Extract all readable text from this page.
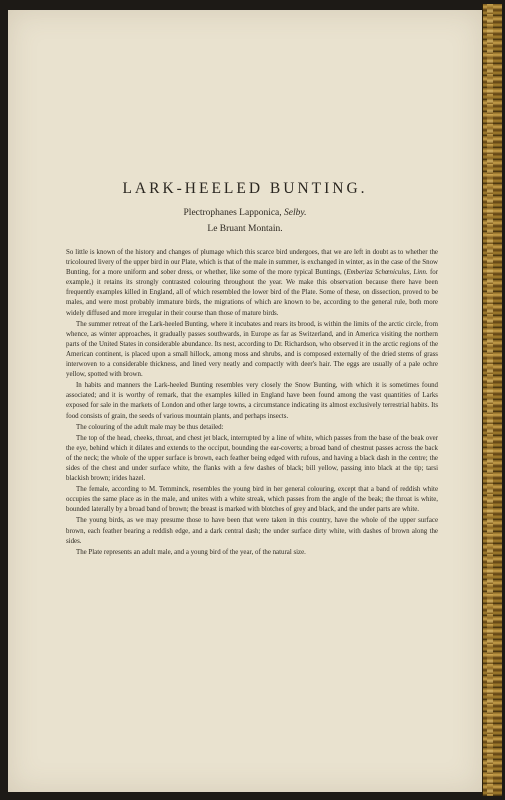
LARK-HEELED BUNTING.
Plectrophanes Lapponica, Selby.
Le Bruant Montain.

So little is known of the history and changes of plumage which this scarce bird undergoes, that we are left in doubt as to whether the tricoloured livery of the upper bird in our Plate, which is that of the male in summer, is exchanged in winter, as in the case of the Snow Bunting, for a more uniform and sober dress, or whether, like some of the more typical Buntings, (Emberiza Schœniculus, Linn. for example,) it retains its strongly contrasted colouring throughout the year. We make this observation because there have been frequently examples killed in England, all of which resembled the lower bird of the Plate. Some of these, on dissection, proved to be males, and were most probably immature birds, the migrations of which are known to be, according to the general rule, both more widely diffused and more irregular in their course than those of mature birds.

The summer retreat of the Lark-heeled Bunting, where it incubates and rears its brood, is within the limits of the arctic circle, from whence, as winter approaches, it gradually passes southwards, in Europe as far as Switzerland, and in America visiting the northern parts of the United States in considerable abundance. Its nest, according to Dr. Richardson, who observed it in the arctic regions of the American continent, is placed upon a small hillock, among moss and shrubs, and is composed externally of the dried stems of grass interwoven to a considerable thickness, and lined very neatly and compactly with deer's hair. The eggs are usually of a pale ochre yellow, spotted with brown.

In habits and manners the Lark-heeled Bunting resembles very closely the Snow Bunting, with which it is sometimes found associated; and it is worthy of remark, that the examples killed in England have been found among the vast quantities of Larks exposed for sale in the markets of London and other large towns, a circumstance indicating its almost exclusively terrestrial habits. Its food consists of grain, the seeds of various mountain plants, and perhaps insects.

The colouring of the adult male may be thus detailed:

The top of the head, cheeks, throat, and chest jet black, interrupted by a line of white, which passes from the base of the beak over the eye, behind which it dilates and extends to the occiput, bounding the ear-coverts; a broad band of chestnut passes across the back of the neck; the whole of the upper surface is brown, each feather being edged with rufous, and having a black dash in the centre; the sides of the chest and under surface white, the flanks with a few dashes of black; bill yellow, passing into black at the tip; tarsi blackish brown; irides hazel.

The female, according to M. Temminck, resembles the young bird in her general colouring, except that a band of reddish white occupies the same place as in the male, and unites with a white streak, which passes from the angle of the beak; the throat is white, bounded laterally by a broad band of brown; the breast is marked with blotches of grey and black, and the under parts are white.

The young birds, as we may presume those to have been that were taken in this country, have the whole of the upper surface brown, each feather bearing a reddish edge, and a dark central dash; the under surface dirty white, with dashes of brown along the sides.

The Plate represents an adult male, and a young bird of the year, of the natural size.
